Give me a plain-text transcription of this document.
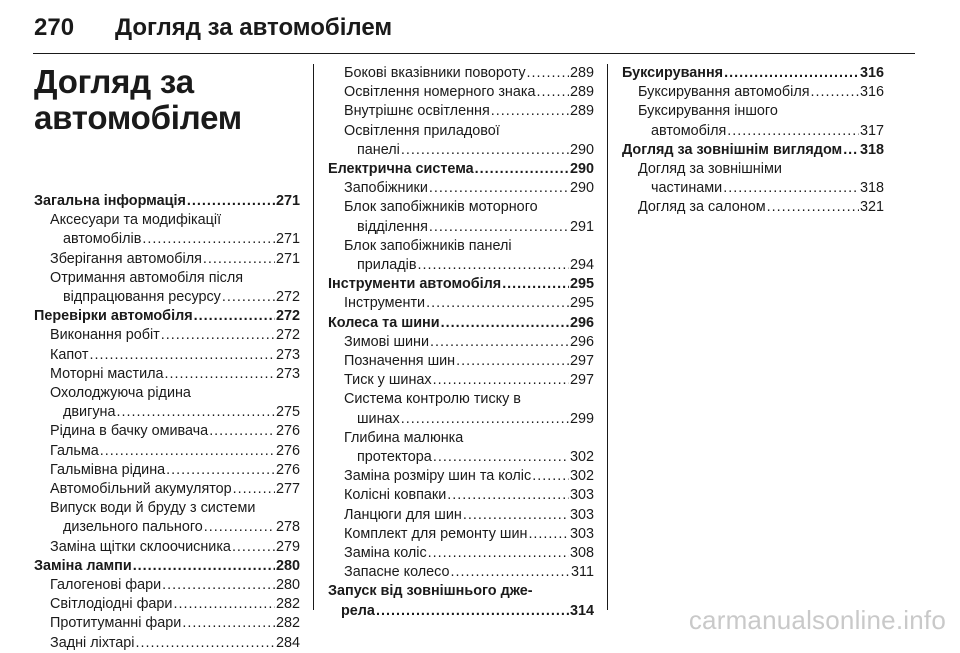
270 Догляд за автомобілем
Догляд за
автомобілем
Загальна інформація .....	271
Аксесуари та модифікації
автомобілів .....	271
Зберігання автомобіля .....	271
Отримання автомобіля після
відпрацювання ресурсу .....	272
Перевірки автомобіля .....	272
Виконання робіт .....	272
Капот .....	273
Моторні мастила .....	273
Охолоджуюча рідина
двигуна .....	275
Рідина в бачку омивача .....	276
Гальма .....	276
Гальмівна рідина .....	276
Автомобільний акумулятор .....	277
Випуск води й бруду з системи
дизельного пального .....	278
Заміна щітки склоочисника .....	279
Заміна лампи .....	280
Галогенові фари .....	280
Світлодіодні фари .....	282
Протитуманні фари .....	282
Задні ліхтарі .....	284
Бокові вказівники повороту .....	289
Освітлення номерного знака ..... 289
Внутрішнє освітлення .....	289
Освітлення приладової
панелі .....	290
Електрична система .....	290
Запобіжники .....	290
Блок запобіжників моторного
відділення .....	291
Блок запобіжників панелі
приладів .....	294
Інструменти автомобіля .....	295
Інструменти .....	295
Колеса та шини .....	296
Зимові шини .....	296
Позначення шин .....	297
Тиск у шинах .....	297
Система контролю тиску в
шинах .....	299
Глибина малюнка
протектора .....	302
Заміна розміру шин та коліс .....	302
Колісні ковпаки .....	303
Ланцюги для шин .....	303
Комплект для ремонту шин .....	303
Заміна коліс .....	308
Запасне колесо .....	311
Запуск від зовнішнього дже-
рела .....	314
Буксирування .....	316
Буксирування автомобіля .....	316
Буксирування іншого
автомобіля .....	317
Догляд за зовнішнім виглядом ..... 318
Догляд за зовнішніми
частинами .....	318
Догляд за салоном .....	321
carmanualsonline.info
